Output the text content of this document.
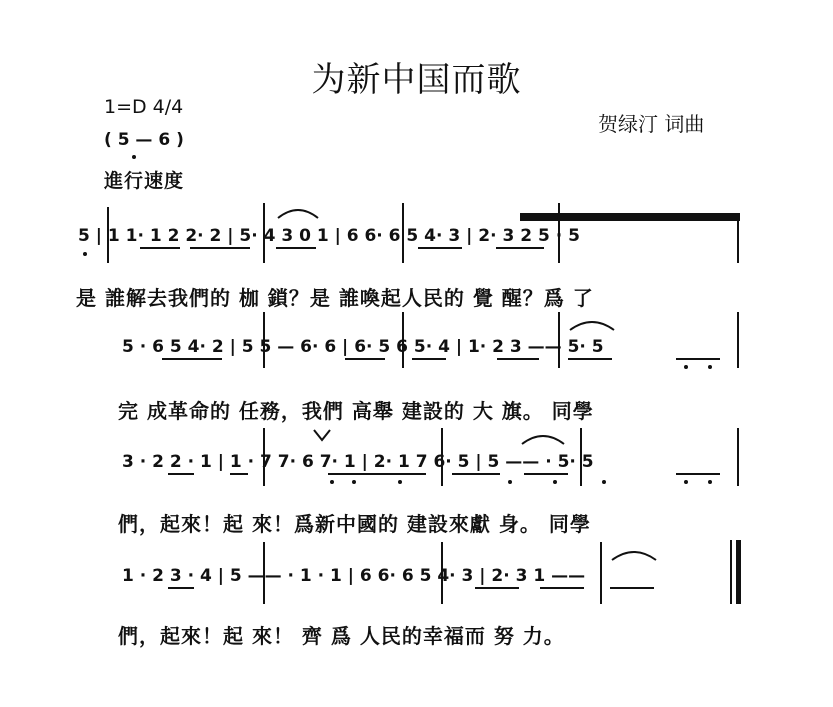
为新中国而歌
1=D 4/4
( 5 — 6 )
進行速度
贺绿汀 词曲
5 | 1 1· 1 2 2· 2 | 5· 4 3 0 1 | 6 6· 6 5 4· 3 | 2· 3 2 5 · 5
是 誰解去我們的 枷 鎖？是 誰喚起人民的 覺 醒？爲 了
5 · 6 5 4· 2 | 5 5 — 6· 6 | 6· 5 6 5· 4 | 1· 2 3 —— 5· 5
完 成革命的 任務，我們 高舉 建設的 大 旗。 同學
3 · 2 2 · 1 | 1 · 7 7· 6 7· 1 | 2· 1 7 6· 5 | 5 —— · 5· 5
們，起來！起 來！爲新中國的 建設來獻 身。 同學
1 · 2 3 · 4 | 5 —— · 1 · 1 | 6 6· 6 5 4· 3 | 2· 3 1 ——
們，起來！起 來！ 齊 爲 人民的幸福而 努 力。
